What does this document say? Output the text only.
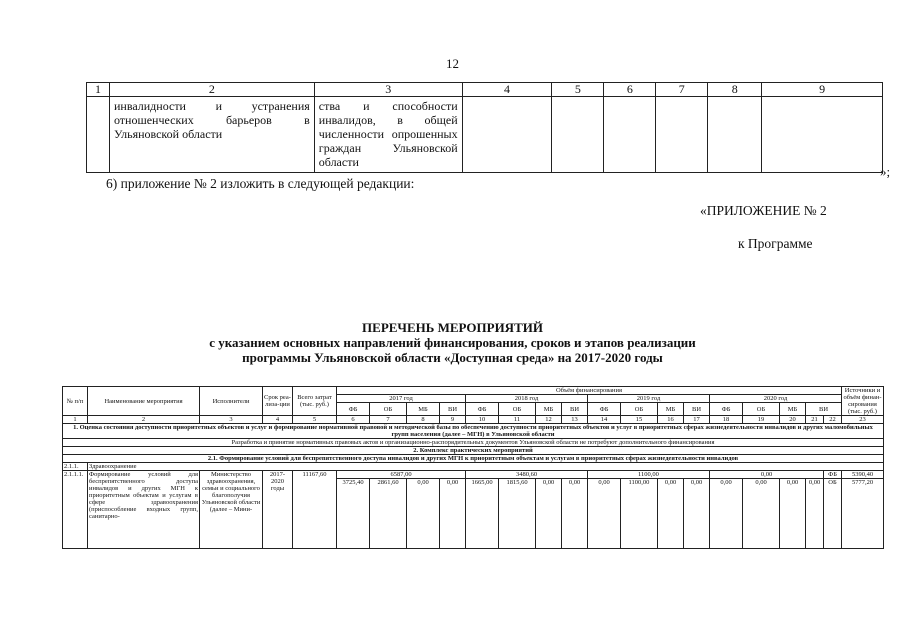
12
1	2	3	4	5	6	7	8	9
	инвалидности и устранения отношенческих барьеров в Ульяновской области	ства и способности инвалидов, в общей численности опрошенных граждан Ульяновской области						
»;
6) приложение № 2 изложить в следующей редакции:
«ПРИЛОЖЕНИЕ № 2
к Программе
ПЕРЕЧЕНЬ МЕРОПРИЯТИЙ
с указанием основных направлений финансирования, сроков и этапов реализации
программы Ульяновской области «Доступная среда» на 2017-2020 годы
№ п/п	Наименование мероприятия	Исполнители	Срок реа-лиза-ции	Всего затрат (тыс. руб.)	Объём финансирования																	Источники и объём финан-сирования (тыс. руб.)
					2017 год				2018 год				2019 год				2020 год					
					ФБ	ОБ	МБ	ВИ	ФБ	ОБ	МБ	ВИ	ФБ	ОБ	МБ	ВИ	ФБ	ОБ	МБ	ВИ		
1	2	3	4	5	6	7	8	9	10	11	12	13	14	15	16	17	18	19	20	21	22	23
1. Оценка состояния доступности приоритетных объектов и услуг и формирование нормативной правовой и методической базы по обеспечению доступности приоритетных объектов и услуг в приоритетных сферах жизнедеятельности инвалидов и других маломобильных групп населения (далее – МГН) в Ульяновской области																						
Разработка и принятие нормативных правовых актов и организационно-распорядительных документов Ульяновской области не потребуют дополнительного финансирования																						
2. Комплекс практических мероприятий																						
2.1. Формирование условий для беспрепятственного доступа инвалидов и других МГН к приоритетным объектам и услугам в приоритетных сферах жизнедеятельности инвалидов																						
2.1.1.	Здравоохранение																					
2.1.1.1.	Формирование условий для беспрепятственного доступа инвалидов и других МГН к приоритетным объектам и услугам в сфере здравоохранения (приспособление входных групп, санитарно-	Министерство здравоохранения, семьи и социального благополучия Ульяновской области (далее – Мини-	2017-2020 годы	11167,60	6587,00				3480,60				1100,00				0,00				ФБ	5390,40
					3725,40	2861,60	0,00	0,00	1665,00	1815,60	0,00	0,00	0,00	1100,00	0,00	0,00	0,00	0,00	0,00	0,00	ОБ	5777,20
